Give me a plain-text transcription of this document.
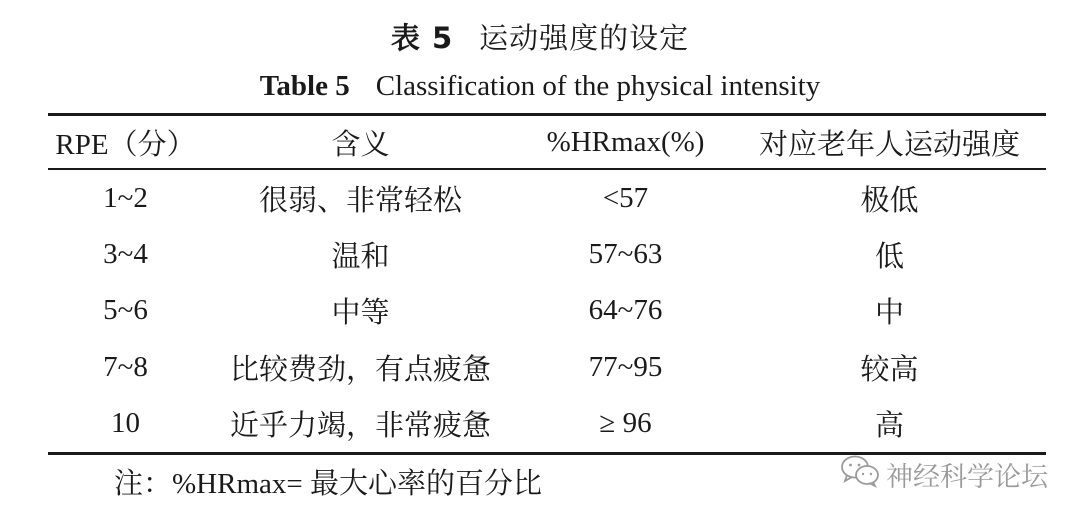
表 5 运动强度的设定
Table 5 Classification of the physical intensity
RPE（分）	含义	%HRmax(%)	对应老年人运动强度
1~2	很弱、非常轻松	<57	极低
3~4	温和	57~63	低
5~6	中等	64~76	中
7~8	比较费劲，有点疲惫	77~95	较高
10	近乎力竭，非常疲惫	≥ 96	高
注：%HRmax= 最大心率的百分比	神经科学论坛
